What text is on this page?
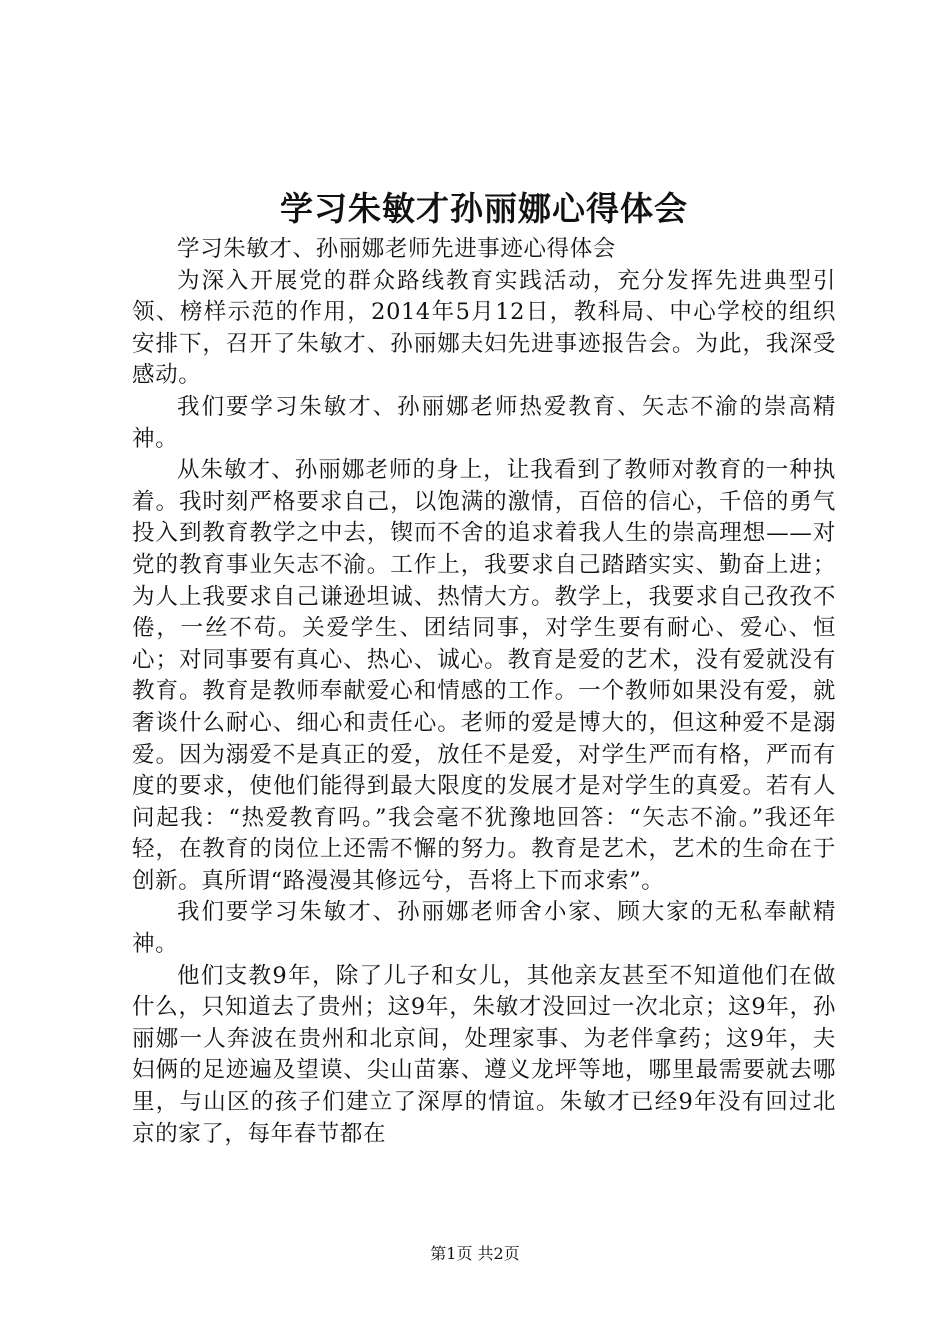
学习朱敏才孙丽娜心得体会

学习朱敏才、孙丽娜老师先进事迹心得体会

为深入开展党的群众路线教育实践活动，充分发挥先进典型引领、榜样示范的作用，2014年5月12日，教科局、中心学校的组织安排下，召开了朱敏才、孙丽娜夫妇先进事迹报告会。为此，我深受感动。

我们要学习朱敏才、孙丽娜老师热爱教育、矢志不渝的崇高精神。

从朱敏才、孙丽娜老师的身上，让我看到了教师对教育的一种执着。我时刻严格要求自己，以饱满的激情，百倍的信心，千倍的勇气投入到教育教学之中去，锲而不舍的追求着我人生的崇高理想——对党的教育事业矢志不渝。工作上，我要求自己踏踏实实、勤奋上进；为人上我要求自己谦逊坦诚、热情大方。教学上，我要求自己孜孜不倦，一丝不苟。关爱学生、团结同事，对学生要有耐心、爱心、恒心；对同事要有真心、热心、诚心。教育是爱的艺术，没有爱就没有教育。教育是教师奉献爱心和情感的工作。一个教师如果没有爱，就奢谈什么耐心、细心和责任心。老师的爱是博大的，但这种爱不是溺爱。因为溺爱不是真正的爱，放任不是爱，对学生严而有格，严而有度的要求，使他们能得到最大限度的发展才是对学生的真爱。若有人问起我：“热爱教育吗。”我会毫不犹豫地回答：“矢志不渝。”我还年轻，在教育的岗位上还需不懈的努力。教育是艺术，艺术的生命在于创新。真所谓“路漫漫其修远兮，吾将上下而求索”。

我们要学习朱敏才、孙丽娜老师舍小家、顾大家的无私奉献精神。

他们支教9年，除了儿子和女儿，其他亲友甚至不知道他们在做什么，只知道去了贵州；这9年，朱敏才没回过一次北京；这9年，孙丽娜一人奔波在贵州和北京间，处理家事、为老伴拿药；这9年，夫妇俩的足迹遍及望谟、尖山苗寨、遵义龙坪等地，哪里最需要就去哪里，与山区的孩子们建立了深厚的情谊。朱敏才已经9年没有回过北京的家了，每年春节都在

第1页 共2页
